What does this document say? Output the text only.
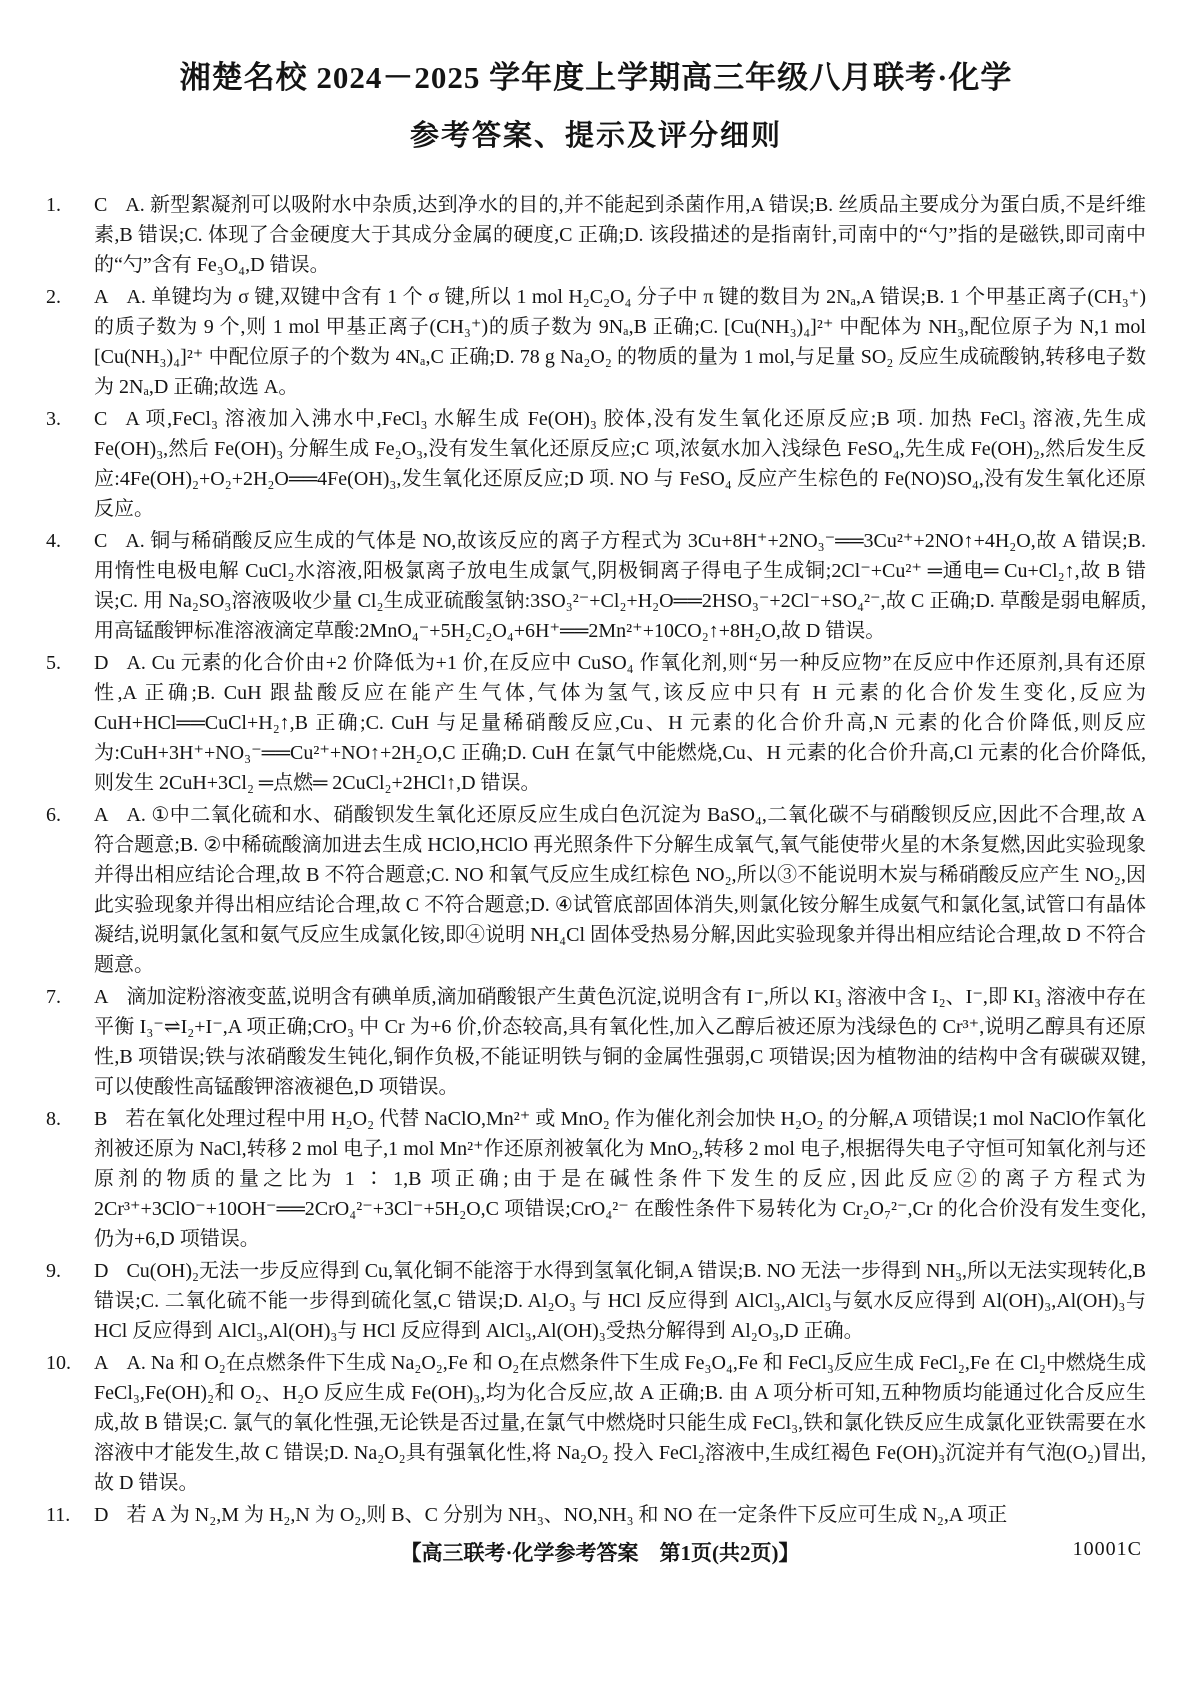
湘楚名校 2024－2025 学年度上学期高三年级八月联考·化学
参考答案、提示及评分细则

1. C A. 新型絮凝剂可以吸附水中杂质,达到净水的目的,并不能起到杀菌作用,A 错误;B. 丝质品主要成分为蛋白质,不是纤维素,B 错误;C. 体现了合金硬度大于其成分金属的硬度,C 正确;D. 该段描述的是指南针,司南中的“勺”指的是磁铁,即司南中的“勺”含有 Fe₃O₄,D 错误。

2. A A. 单键均为 σ 键,双键中含有 1 个 σ 键,所以 1 mol H₂C₂O₄ 分子中 π 键的数目为 2Nₐ,A 错误;B. 1 个甲基正离子(CH₃⁺)的质子数为 9 个,则 1 mol 甲基正离子(CH₃⁺)的质子数为 9Nₐ,B 正确;C. [Cu(NH₃)₄]²⁺ 中配体为 NH₃,配位原子为 N,1 mol [Cu(NH₃)₄]²⁺ 中配位原子的个数为 4Nₐ,C 正确;D. 78 g Na₂O₂ 的物质的量为 1 mol,与足量 SO₂ 反应生成硫酸钠,转移电子数为 2Nₐ,D 正确;故选 A。

3. C A 项,FeCl₃ 溶液加入沸水中,FeCl₃ 水解生成 Fe(OH)₃ 胶体,没有发生氧化还原反应;B 项. 加热 FeCl₃ 溶液,先生成 Fe(OH)₃,然后 Fe(OH)₃ 分解生成 Fe₂O₃,没有发生氧化还原反应;C 项,浓氨水加入浅绿色 FeSO₄,先生成 Fe(OH)₂,然后发生反应:4Fe(OH)₂+O₂+2H₂O══4Fe(OH)₃,发生氧化还原反应;D 项. NO 与 FeSO₄ 反应产生棕色的 Fe(NO)SO₄,没有发生氧化还原反应。

4. C A. 铜与稀硝酸反应生成的气体是 NO,故该反应的离子方程式为 3Cu+8H⁺+2NO₃⁻══3Cu²⁺+2NO↑+4H₂O,故 A 错误;B. 用惰性电极电解 CuCl₂水溶液,阳极氯离子放电生成氯气,阴极铜离子得电子生成铜;2Cl⁻+Cu²⁺ ═通电═ Cu+Cl₂↑,故 B 错误;C. 用 Na₂SO₃溶液吸收少量 Cl₂生成亚硫酸氢钠:3SO₃²⁻+Cl₂+H₂O══2HSO₃⁻+2Cl⁻+SO₄²⁻,故 C 正确;D. 草酸是弱电解质,用高锰酸钾标准溶液滴定草酸:2MnO₄⁻+5H₂C₂O₄+6H⁺══2Mn²⁺+10CO₂↑+8H₂O,故 D 错误。

5. D A. Cu 元素的化合价由+2 价降低为+1 价,在反应中 CuSO₄ 作氧化剂,则“另一种反应物”在反应中作还原剂,具有还原性,A 正确;B. CuH 跟盐酸反应在能产生气体,气体为氢气,该反应中只有 H 元素的化合价发生变化,反应为 CuH+HCl══CuCl+H₂↑,B 正确;C. CuH 与足量稀硝酸反应,Cu、H 元素的化合价升高,N 元素的化合价降低,则反应为:CuH+3H⁺+NO₃⁻══Cu²⁺+NO↑+2H₂O,C 正确;D. CuH 在氯气中能燃烧,Cu、H 元素的化合价升高,Cl 元素的化合价降低,则发生 2CuH+3Cl₂ ═点燃═ 2CuCl₂+2HCl↑,D 错误。

6. A A. ①中二氧化硫和水、硝酸钡发生氧化还原反应生成白色沉淀为 BaSO₄,二氧化碳不与硝酸钡反应,因此不合理,故 A 符合题意;B. ②中稀硫酸滴加进去生成 HClO,HClO 再光照条件下分解生成氧气,氧气能使带火星的木条复燃,因此实验现象并得出相应结论合理,故 B 不符合题意;C. NO 和氧气反应生成红棕色 NO₂,所以③不能说明木炭与稀硝酸反应产生 NO₂,因此实验现象并得出相应结论合理,故 C 不符合题意;D. ④试管底部固体消失,则氯化铵分解生成氨气和氯化氢,试管口有晶体凝结,说明氯化氢和氨气反应生成氯化铵,即④说明 NH₄Cl 固体受热易分解,因此实验现象并得出相应结论合理,故 D 不符合题意。

7. A 滴加淀粉溶液变蓝,说明含有碘单质,滴加硝酸银产生黄色沉淀,说明含有 I⁻,所以 KI₃ 溶液中含 I₂、I⁻,即 KI₃ 溶液中存在平衡 I₃⁻⇌I₂+I⁻,A 项正确;CrO₃ 中 Cr 为+6 价,价态较高,具有氧化性,加入乙醇后被还原为浅绿色的 Cr³⁺,说明乙醇具有还原性,B 项错误;铁与浓硝酸发生钝化,铜作负极,不能证明铁与铜的金属性强弱,C 项错误;因为植物油的结构中含有碳碳双键,可以使酸性高锰酸钾溶液褪色,D 项错误。

8. B 若在氧化处理过程中用 H₂O₂ 代替 NaClO,Mn²⁺ 或 MnO₂ 作为催化剂会加快 H₂O₂ 的分解,A 项错误;1 mol NaClO作氧化剂被还原为 NaCl,转移 2 mol 电子,1 mol Mn²⁺作还原剂被氧化为 MnO₂,转移 2 mol 电子,根据得失电子守恒可知氧化剂与还原剂的物质的量之比为 1 ∶ 1,B 项正确;由于是在碱性条件下发生的反应,因此反应②的离子方程式为 2Cr³⁺+3ClO⁻+10OH⁻══2CrO₄²⁻+3Cl⁻+5H₂O,C 项错误;CrO₄²⁻ 在酸性条件下易转化为 Cr₂O₇²⁻,Cr 的化合价没有发生变化,仍为+6,D 项错误。

9. D Cu(OH)₂无法一步反应得到 Cu,氧化铜不能溶于水得到氢氧化铜,A 错误;B. NO 无法一步得到 NH₃,所以无法实现转化,B 错误;C. 二氧化硫不能一步得到硫化氢,C 错误;D. Al₂O₃ 与 HCl 反应得到 AlCl₃,AlCl₃与氨水反应得到 Al(OH)₃,Al(OH)₃与 HCl 反应得到 AlCl₃,Al(OH)₃与 HCl 反应得到 AlCl₃,Al(OH)₃受热分解得到 Al₂O₃,D 正确。

10. A A. Na 和 O₂在点燃条件下生成 Na₂O₂,Fe 和 O₂在点燃条件下生成 Fe₃O₄,Fe 和 FeCl₃反应生成 FeCl₂,Fe 在 Cl₂中燃烧生成 FeCl₃,Fe(OH)₂和 O₂、H₂O 反应生成 Fe(OH)₃,均为化合反应,故 A 正确;B. 由 A 项分析可知,五种物质均能通过化合反应生成,故 B 错误;C. 氯气的氧化性强,无论铁是否过量,在氯气中燃烧时只能生成 FeCl₃,铁和氯化铁反应生成氯化亚铁需要在水溶液中才能发生,故 C 错误;D. Na₂O₂具有强氧化性,将 Na₂O₂ 投入 FeCl₂溶液中,生成红褐色 Fe(OH)₃沉淀并有气泡(O₂)冒出,故 D 错误。

11. D 若 A 为 N₂,M 为 H₂,N 为 O₂,则 B、C 分别为 NH₃、NO,NH₃ 和 NO 在一定条件下反应可生成 N₂,A 项正

【高三联考·化学参考答案　第1页(共2页)】	10001C
